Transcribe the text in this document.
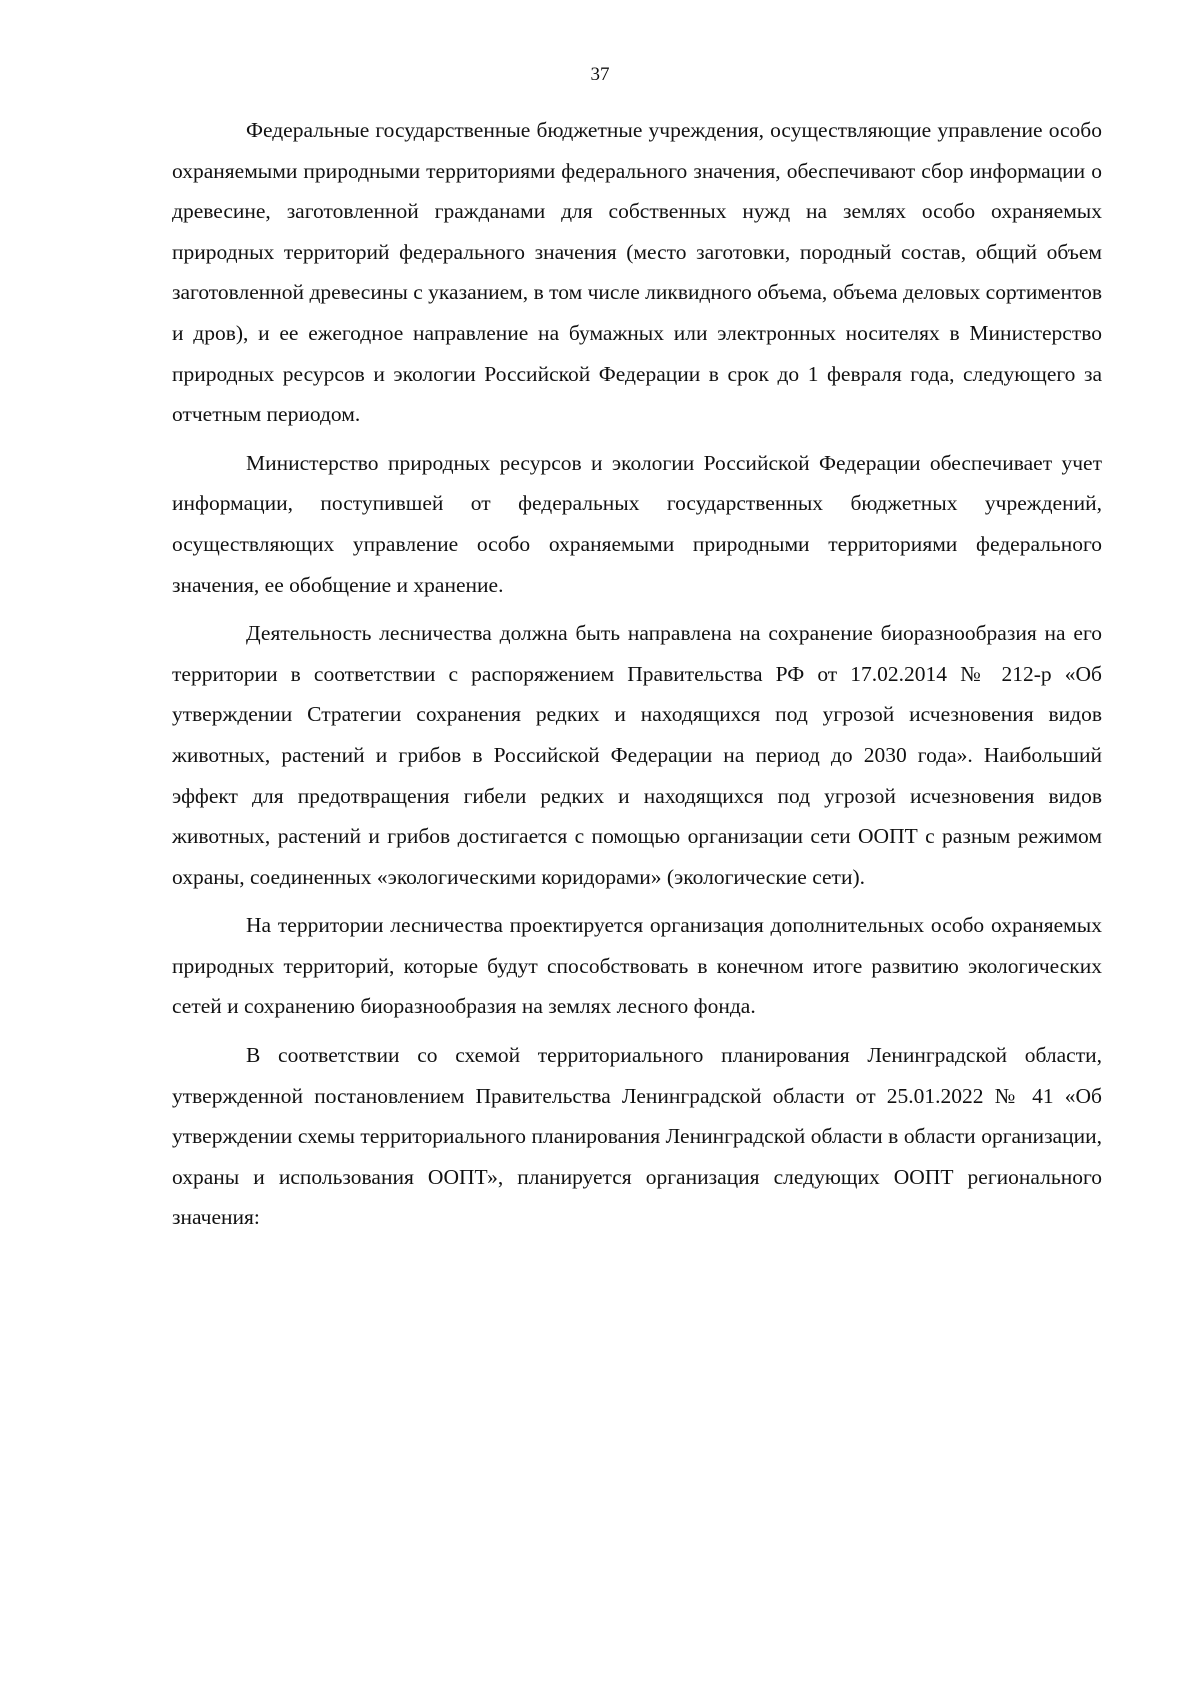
37

Федеральные государственные бюджетные учреждения, осуществляющие управление особо охраняемыми природными территориями федерального значения, обеспечивают сбор информации о древесине, заготовленной гражданами для собственных нужд на землях особо охраняемых природных территорий федерального значения (место заготовки, породный состав, общий объем заготовленной древесины с указанием, в том числе ликвидного объема, объема деловых сортиментов и дров), и ее ежегодное направление на бумажных или электронных носителях в Министерство природных ресурсов и экологии Российской Федерации в срок до 1 февраля года, следующего за отчетным периодом.

Министерство природных ресурсов и экологии Российской Федерации обеспечивает учет информации, поступившей от федеральных государственных бюджетных учреждений, осуществляющих управление особо охраняемыми природными территориями федерального значения, ее обобщение и хранение.

Деятельность лесничества должна быть направлена на сохранение биоразнообразия на его территории в соответствии с распоряжением Правительства РФ от 17.02.2014 № 212-р «Об утверждении Стратегии сохранения редких и находящихся под угрозой исчезновения видов животных, растений и грибов в Российской Федерации на период до 2030 года». Наибольший эффект для предотвращения гибели редких и находящихся под угрозой исчезновения видов животных, растений и грибов достигается с помощью организации сети ООПТ с разным режимом охраны, соединенных «экологическими коридорами» (экологические сети).

На территории лесничества проектируется организация дополнительных особо охраняемых природных территорий, которые будут способствовать в конечном итоге развитию экологических сетей и сохранению биоразнообразия на землях лесного фонда.

В соответствии со схемой территориального планирования Ленинградской области, утвержденной постановлением Правительства Ленинградской области от 25.01.2022 № 41 «Об утверждении схемы территориального планирования Ленинградской области в области организации, охраны и использования ООПТ», планируется организация следующих ООПТ регионального значения:
